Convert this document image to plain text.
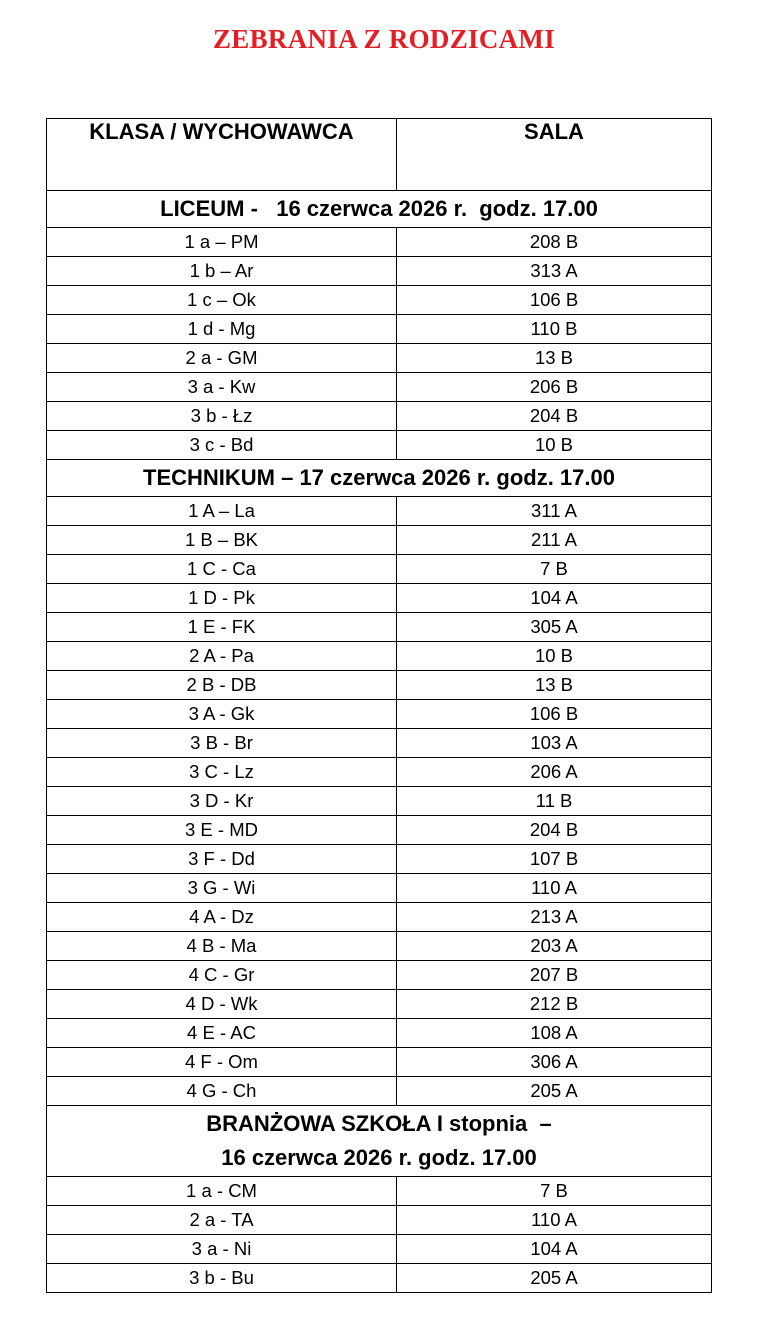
ZEBRANIA Z RODZICAMI
KLASA / WYCHOWAWCA	SALA
LICEUM -   16 czerwca 2026 r.  godz. 17.00	
1 a – PM	208 B
1 b – Ar	313 A
1 c – Ok	106 B
1 d - Mg	110 B
2 a - GM	13 B
3 a - Kw	206 B
3 b - Łz	204 B
3 c - Bd	10 B
TECHNIKUM – 17 czerwca 2026 r. godz. 17.00	
1 A – La	311 A
1 B – BK	211 A
1 C - Ca	7 B
1 D - Pk	104 A
1 E - FK	305 A
2 A - Pa	10 B
2 B - DB	13 B
3 A - Gk	106 B
3 B - Br	103 A
3 C - Lz	206 A
3 D - Kr	11 B
3 E - MD	204 B
3 F - Dd	107 B
3 G - Wi	110 A
4 A - Dz	213 A
4 B - Ma	203 A
4 C - Gr	207 B
4 D - Wk	212 B
4 E - AC	108 A
4 F - Om	306 A
4 G - Ch	205 A
BRANŻOWA SZKOŁA I stopnia  –
16 czerwca 2026 r. godz. 17.00	
1 a - CM	7 B
2 a - TA	110 A
3 a - Ni	104 A
3 b - Bu	205 A
